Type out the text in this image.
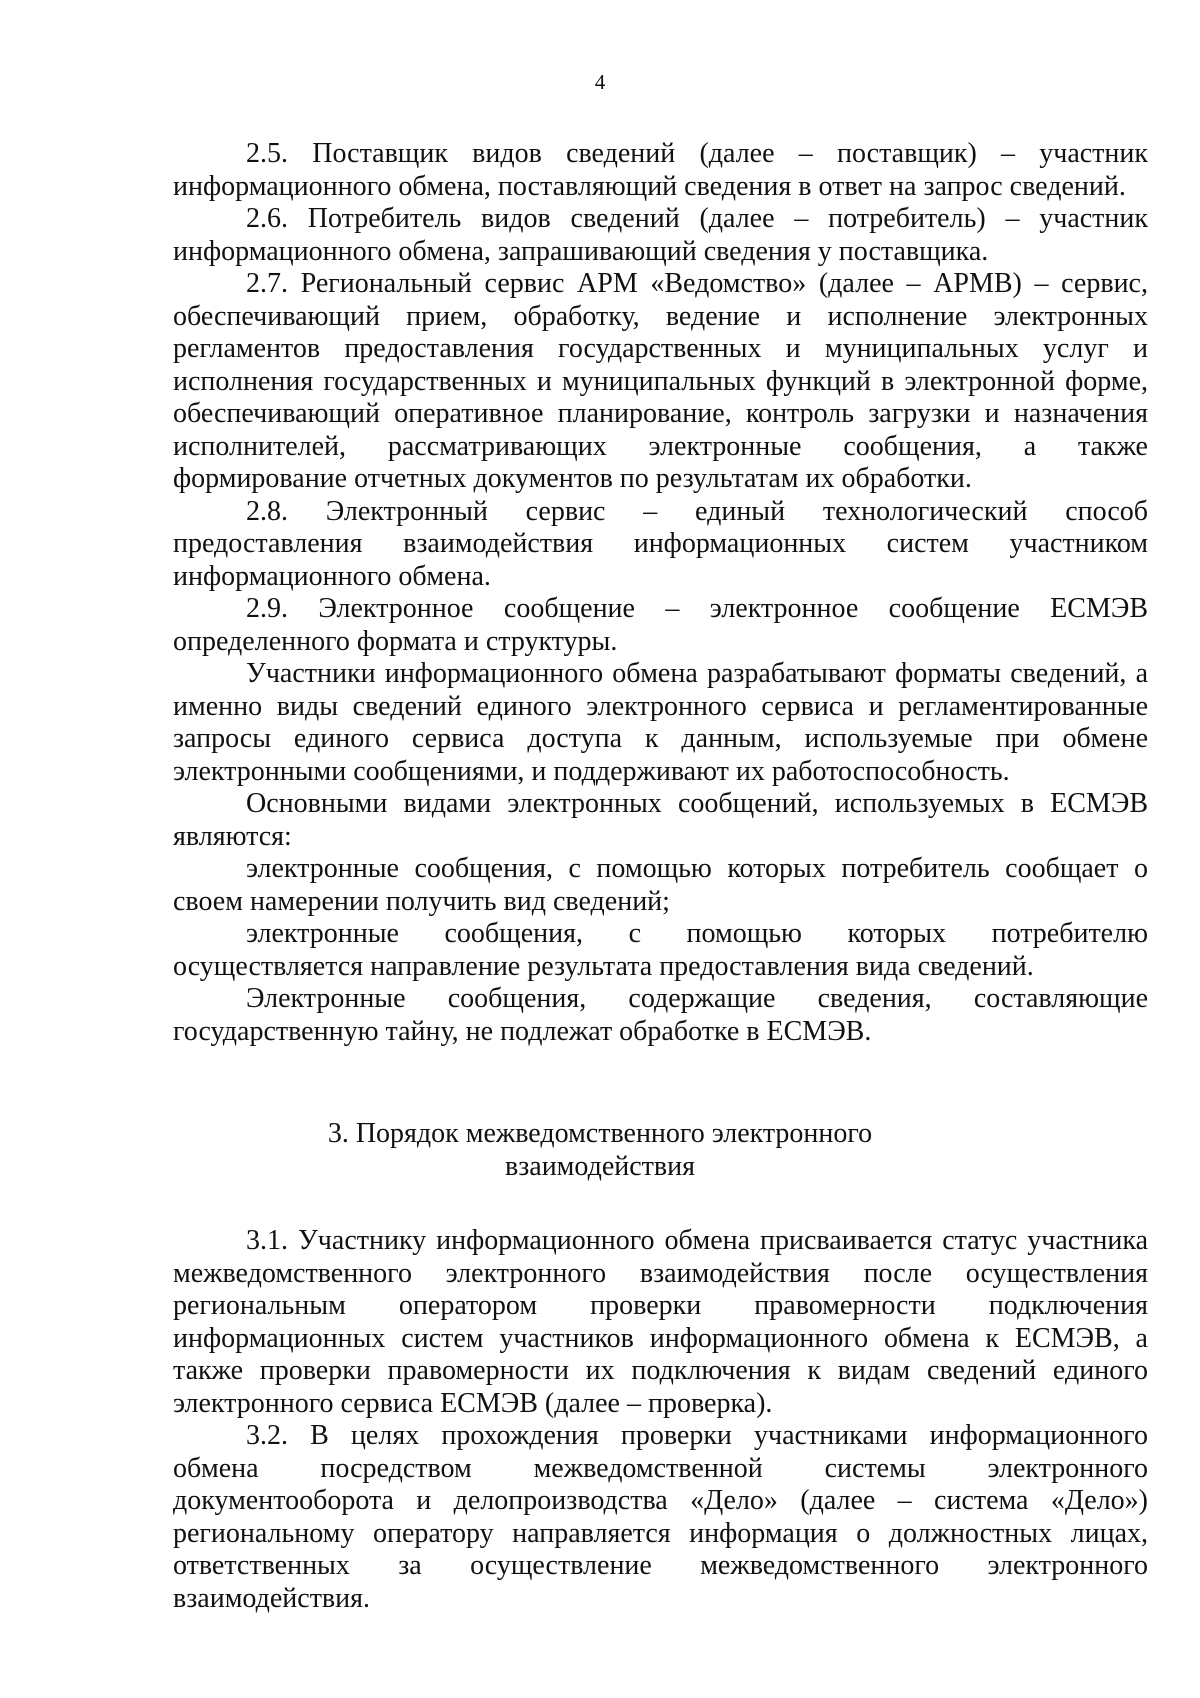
4

2.5. Поставщик видов сведений (далее – поставщик) – участник информационного обмена, поставляющий сведения в ответ на запрос сведений.

2.6. Потребитель видов сведений (далее – потребитель) – участник информационного обмена, запрашивающий сведения у поставщика.

2.7. Региональный сервис АРМ «Ведомство» (далее – АРМВ) – сервис, обеспечивающий прием, обработку, ведение и исполнение электронных регламентов предоставления государственных и муниципальных услуг и исполнения государственных и муниципальных функций в электронной форме, обеспечивающий оперативное планирование, контроль загрузки и назначения исполнителей, рассматривающих электронные сообщения, а также формирование отчетных документов по результатам их обработки.

2.8. Электронный сервис – единый технологический способ предоставления взаимодействия информационных систем участником информационного обмена.

2.9. Электронное сообщение – электронное сообщение ЕСМЭВ определенного формата и структуры.

Участники информационного обмена разрабатывают форматы сведений, а именно виды сведений единого электронного сервиса и регламентированные запросы единого сервиса доступа к данным, используемые при обмене электронными сообщениями, и поддерживают их работоспособность.

Основными видами электронных сообщений, используемых в ЕСМЭВ являются:

электронные сообщения, с помощью которых потребитель сообщает о своем намерении получить вид сведений;

электронные сообщения, с помощью которых потребителю осуществляется направление результата предоставления вида сведений.

Электронные сообщения, содержащие сведения, составляющие государственную тайну, не подлежат обработке в ЕСМЭВ.

3. Порядок межведомственного электронного
взаимодействия

3.1. Участнику информационного обмена присваивается статус участника межведомственного электронного взаимодействия после осуществления региональным оператором проверки правомерности подключения информационных систем участников информационного обмена к ЕСМЭВ, а также проверки правомерности их подключения к видам сведений единого электронного сервиса ЕСМЭВ (далее – проверка).

3.2. В целях прохождения проверки участниками информационного обмена посредством межведомственной системы электронного документооборота и делопроизводства «Дело» (далее – система «Дело») региональному оператору направляется информация о должностных лицах, ответственных за осуществление межведомственного электронного взаимодействия.
